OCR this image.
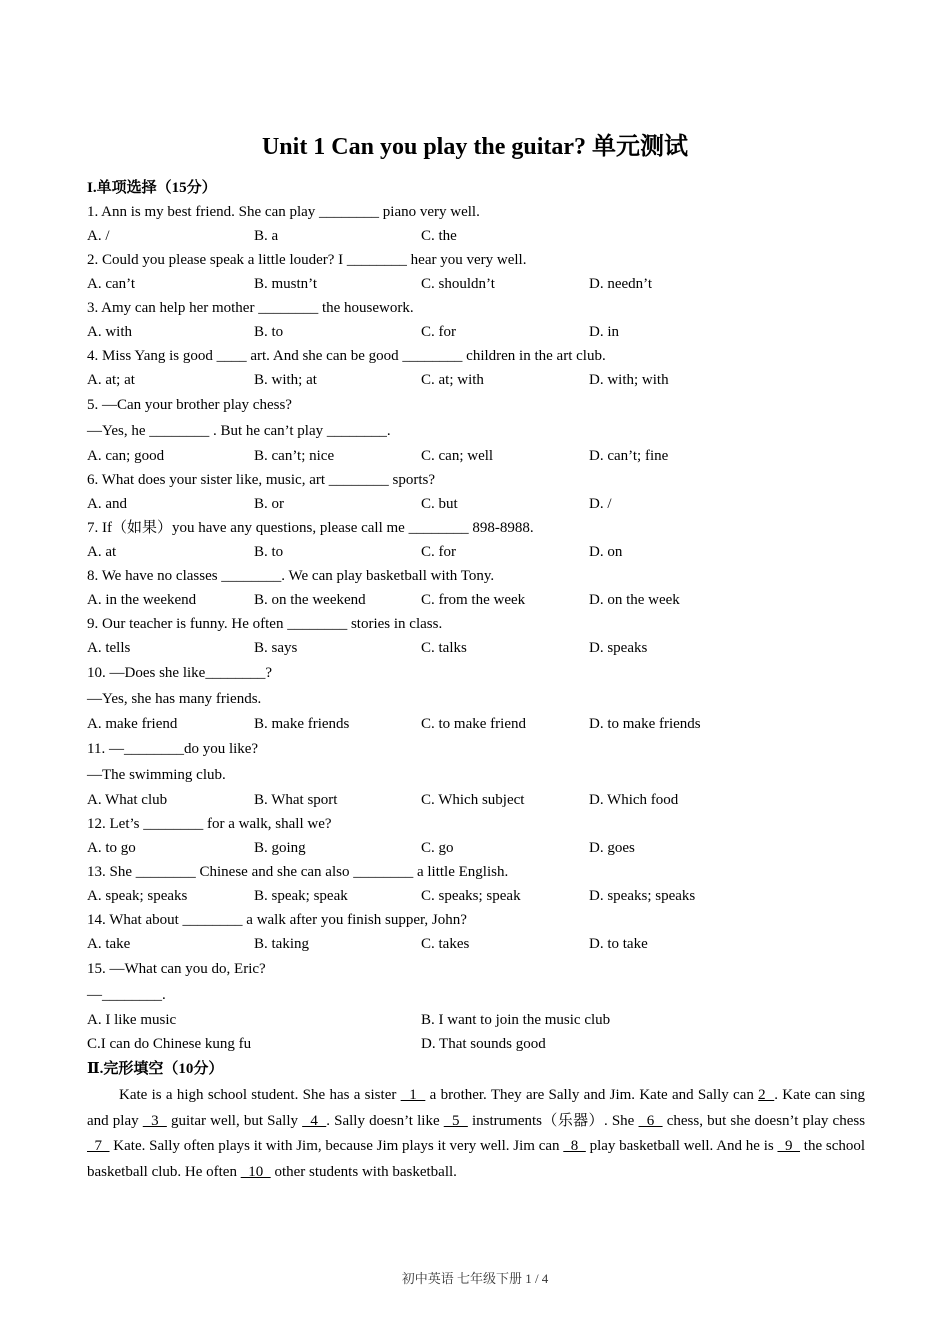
Unit 1 Can you play the guitar? 单元测试
I.单项选择（15分）
1. Ann is my best friend. She can play ________ piano very well.
A. /	B. a	C. the
2. Could you please speak a little louder? I ________ hear you very well.
A. can’t	B. mustn’t	C. shouldn’t	D. needn’t
3. Amy can help her mother ________ the housework.
A. with	B. to	C. for	D. in
4. Miss Yang is good ____ art. And she can be good ________ children in the art club.
A. at; at	B. with; at	C. at; with	D. with; with
5. —Can your brother play chess?
—Yes, he ________ . But he can’t play ________.
A. can; good	B. can’t; nice	C. can; well	D. can’t; fine
6. What does your sister like, music, art ________ sports?
A. and	B. or	C. but	D. /
7. If（如果）you have any questions, please call me ________ 898-8988.
A. at	B. to	C. for	D. on
8. We have no classes ________. We can play basketball with Tony.
A. in the weekend	B. on the weekend	C. from the week	D. on the week
9. Our teacher is funny. He often ________ stories in class.
A. tells	B. says	C. talks	D. speaks
10. —Does she like________?
—Yes, she has many friends.
A. make friend	B. make friends	C. to make friend	D. to make friends
11. —________do you like?
—The swimming club.
A. What club	B. What sport	C. Which subject	D. Which food
12. Let’s ________ for a walk, shall we?
A. to go	B. going	C. go	D. goes
13. She ________ Chinese and she can also ________ a little English.
A. speak; speaks	B. speak; speak	C. speaks; speak	D. speaks; speaks
14. What about ________ a walk after you finish supper, John?
A. take	B. taking	C. takes	D. to take
15. —What can you do, Eric?
—________.
A. I like music	B. I want to join the music club
C.I can do Chinese kung fu	D. That sounds good
Ⅱ.完形填空（10分）
Kate is a high school student. She has a sister   1   a brother. They are Sally and Jim. Kate and Sally can 2  . Kate can sing and play   3   guitar well, but Sally   4  . Sally doesn’t like   5   instruments（乐器）. She   6   chess, but she doesn’t play chess   7   Kate. Sally often plays it with Jim, because Jim plays it very well. Jim can   8   play basketball well. And he is   9   the school basketball club. He often   10   other students with basketball.
初中英语 七年级下册 1 / 4
